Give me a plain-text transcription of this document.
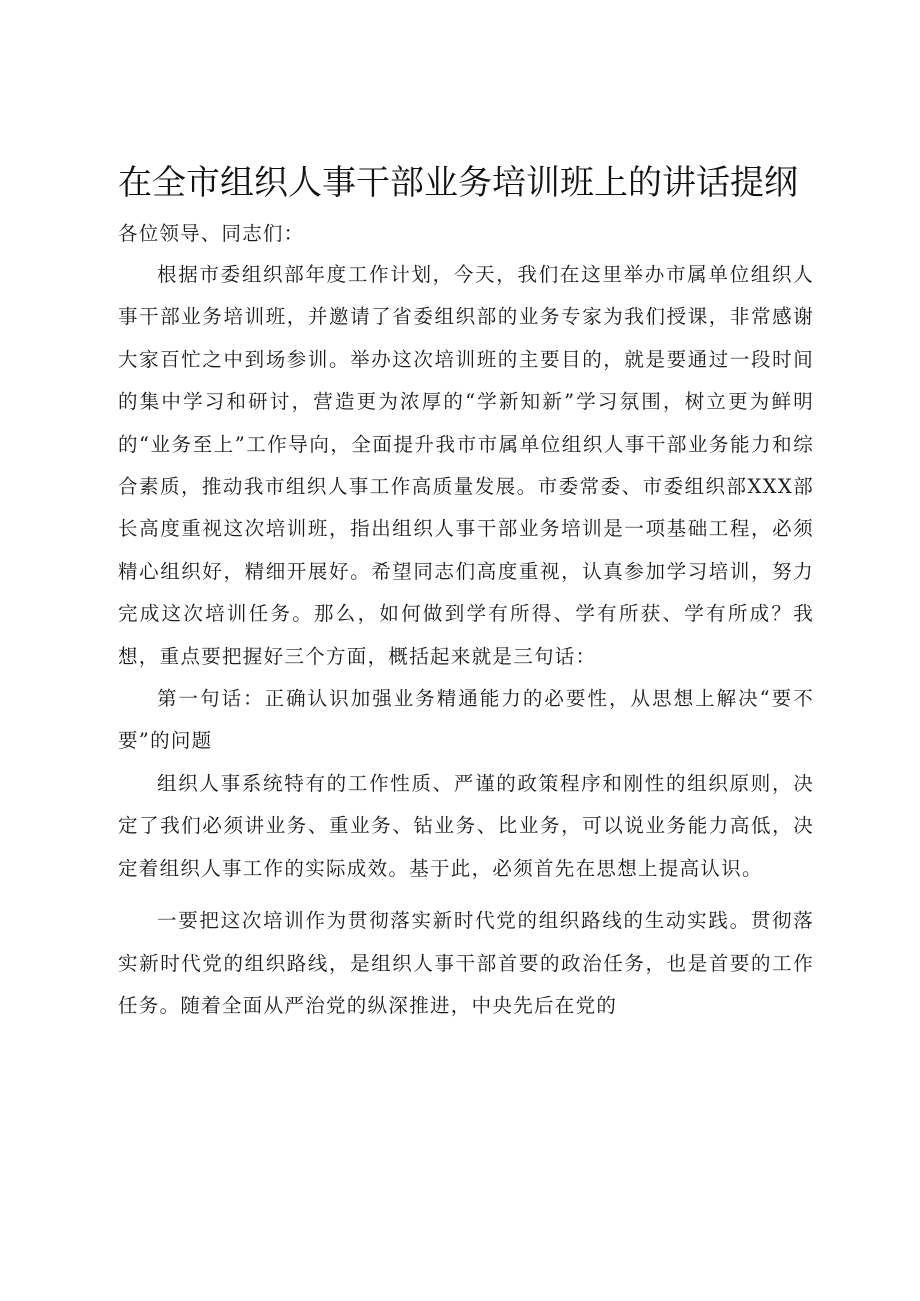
在全市组织人事干部业务培训班上的讲话提纲

各位领导、同志们：

根据市委组织部年度工作计划，今天，我们在这里举办市属单位组织人事干部业务培训班，并邀请了省委组织部的业务专家为我们授课，非常感谢大家百忙之中到场参训。举办这次培训班的主要目的，就是要通过一段时间的集中学习和研讨，营造更为浓厚的“学新知新”学习氛围，树立更为鲜明的“业务至上”工作导向，全面提升我市市属单位组织人事干部业务能力和综合素质，推动我市组织人事工作高质量发展。市委常委、市委组织部XXX部长高度重视这次培训班，指出组织人事干部业务培训是一项基础工程，必须精心组织好，精细开展好。希望同志们高度重视，认真参加学习培训，努力完成这次培训任务。那么，如何做到学有所得、学有所获、学有所成？我想，重点要把握好三个方面，概括起来就是三句话：

第一句话：正确认识加强业务精通能力的必要性，从思想上解决“要不要”的问题

组织人事系统特有的工作性质、严谨的政策程序和刚性的组织原则，决定了我们必须讲业务、重业务、钻业务、比业务，可以说业务能力高低，决定着组织人事工作的实际成效。基于此，必须首先在思想上提高认识。

一要把这次培训作为贯彻落实新时代党的组织路线的生动实践。贯彻落实新时代党的组织路线，是组织人事干部首要的政治任务，也是首要的工作任务。随着全面从严治党的纵深推进，中央先后在党的
